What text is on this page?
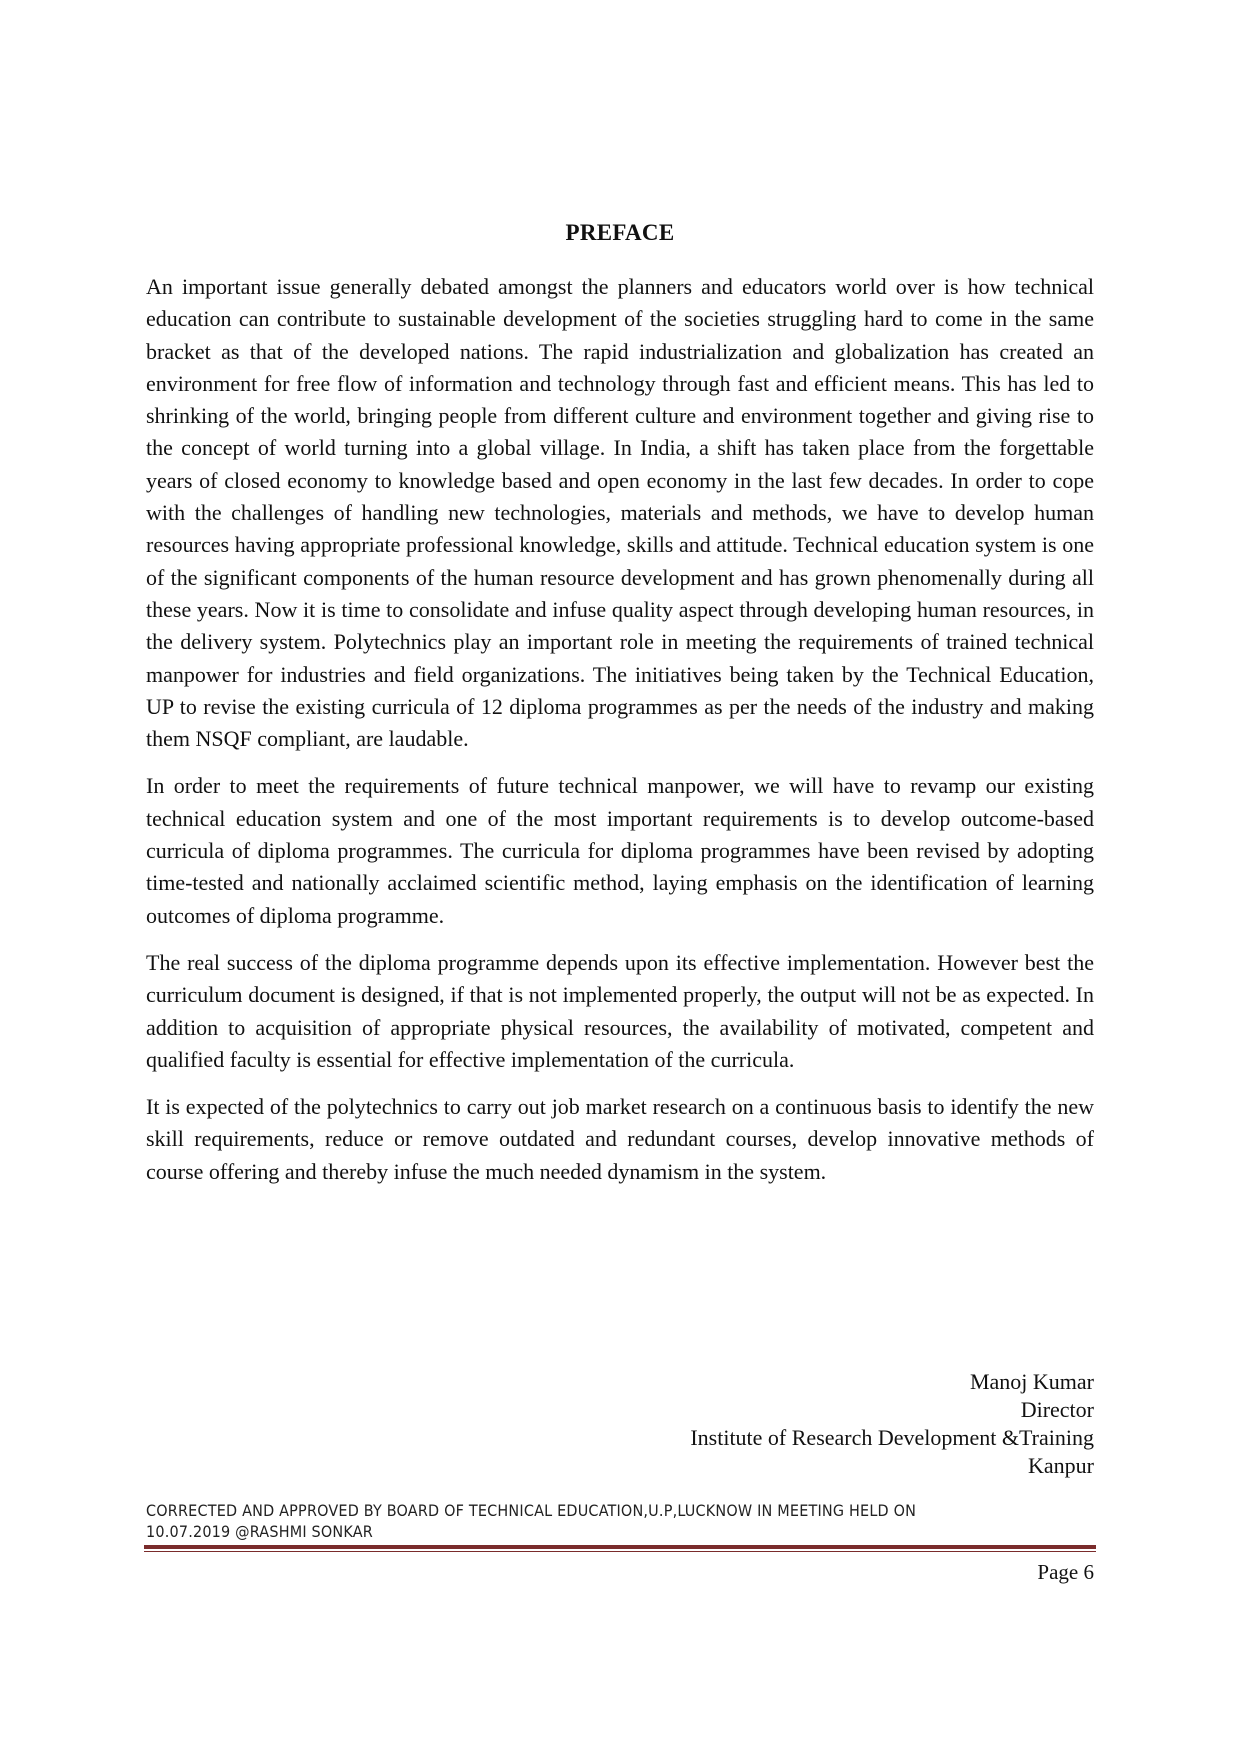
PREFACE

An important issue generally debated amongst the planners and educators world over is how technical education can contribute to sustainable development of the societies struggling hard to come in the same bracket as that of the developed nations. The rapid industrialization and globalization has created an environment for free flow of information and technology through fast and efficient means. This has led to shrinking of the world, bringing people from different culture and environment together and giving rise to the concept of world turning into a global village. In India, a shift has taken place from the forgettable years of closed economy to knowledge based and open economy in the last few decades. In order to cope with the challenges of handling new technologies, materials and methods, we have to develop human resources having appropriate professional knowledge, skills and attitude. Technical education system is one of the significant components of the human resource development and has grown phenomenally during all these years. Now it is time to consolidate and infuse quality aspect through developing human resources, in the delivery system. Polytechnics play an important role in meeting the requirements of trained technical manpower for industries and field organizations. The initiatives being taken by the Technical Education, UP to revise the existing curricula of 12 diploma programmes as per the needs of the industry and making them NSQF compliant, are laudable.

In order to meet the requirements of future technical manpower, we will have to revamp our existing technical education system and one of the most important requirements is to develop outcome-based curricula of diploma programmes. The curricula for diploma programmes have been revised by adopting time-tested and nationally acclaimed scientific method, laying emphasis on the identification of learning outcomes of diploma programme.

The real success of the diploma programme depends upon its effective implementation. However best the curriculum document is designed, if that is not implemented properly, the output will not be as expected. In addition to acquisition of appropriate physical resources, the availability of motivated, competent and qualified faculty is essential for effective implementation of the curricula.

It is expected of the polytechnics to carry out job market research on a continuous basis to identify the new skill requirements, reduce or remove outdated and redundant courses, develop innovative methods of course offering and thereby infuse the much needed dynamism in the system.

Manoj Kumar
Director
Institute of Research Development &Training
Kanpur
CORRECTED AND APPROVED BY BOARD OF TECHNICAL EDUCATION,U.P,LUCKNOW IN MEETING HELD ON
10.07.2019 @RASHMI SONKAR
Page 6
